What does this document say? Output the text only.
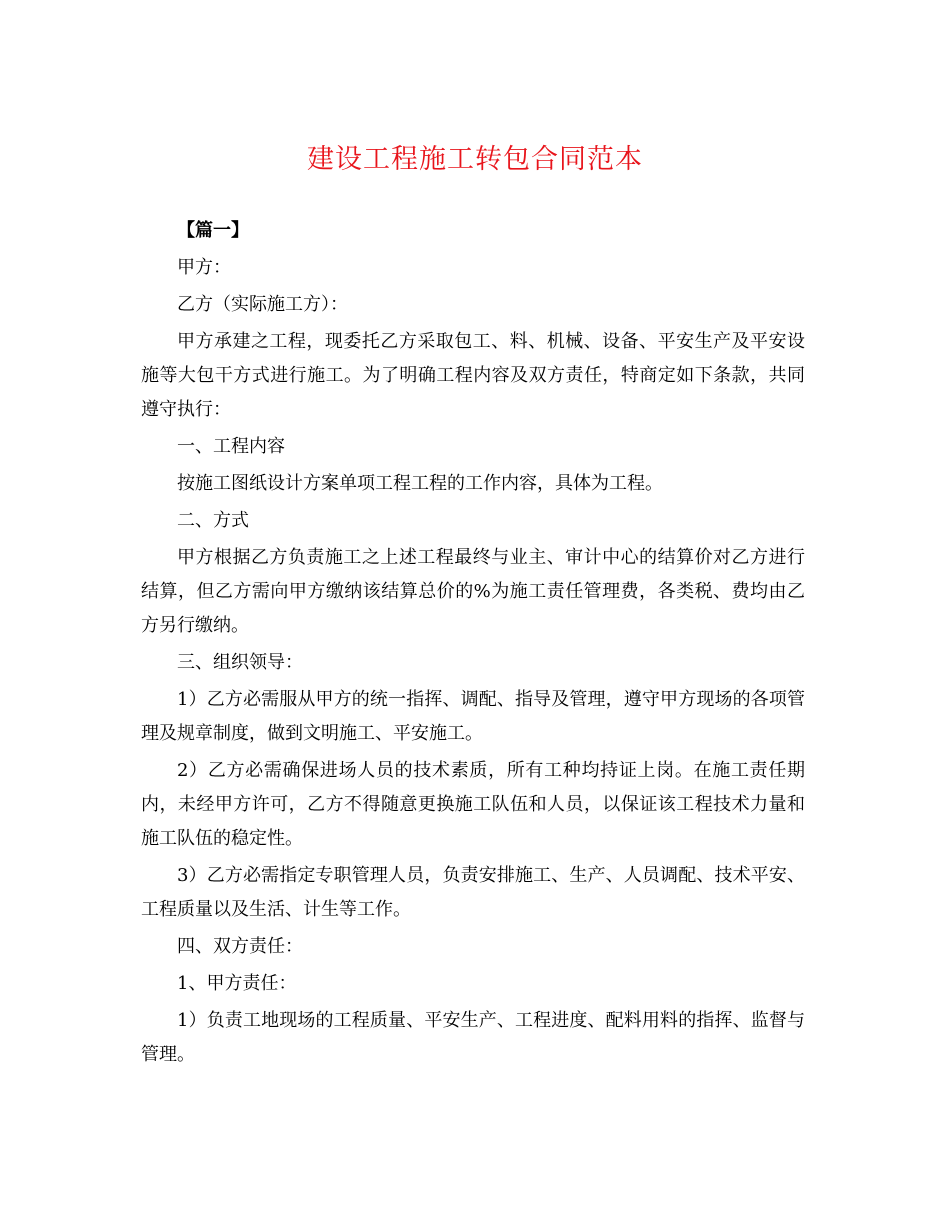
建设工程施工转包合同范本

【篇一】

甲方：

乙方（实际施工方）：

甲方承建之工程，现委托乙方采取包工、料、机械、设备、平安生产及平安设施等大包干方式进行施工。为了明确工程内容及双方责任，特商定如下条款，共同遵守执行：

一、工程内容

按施工图纸设计方案单项工程工程的工作内容，具体为工程。

二、方式

甲方根据乙方负责施工之上述工程最终与业主、审计中心的结算价对乙方进行结算，但乙方需向甲方缴纳该结算总价的%为施工责任管理费，各类税、费均由乙方另行缴纳。

三、组织领导：

1）乙方必需服从甲方的统一指挥、调配、指导及管理，遵守甲方现场的各项管理及规章制度，做到文明施工、平安施工。

2）乙方必需确保进场人员的技术素质，所有工种均持证上岗。在施工责任期内，未经甲方许可，乙方不得随意更换施工队伍和人员，以保证该工程技术力量和施工队伍的稳定性。

3）乙方必需指定专职管理人员，负责安排施工、生产、人员调配、技术平安、工程质量以及生活、计生等工作。

四、双方责任：

1、甲方责任：

1）负责工地现场的工程质量、平安生产、工程进度、配料用料的指挥、监督与管理。
